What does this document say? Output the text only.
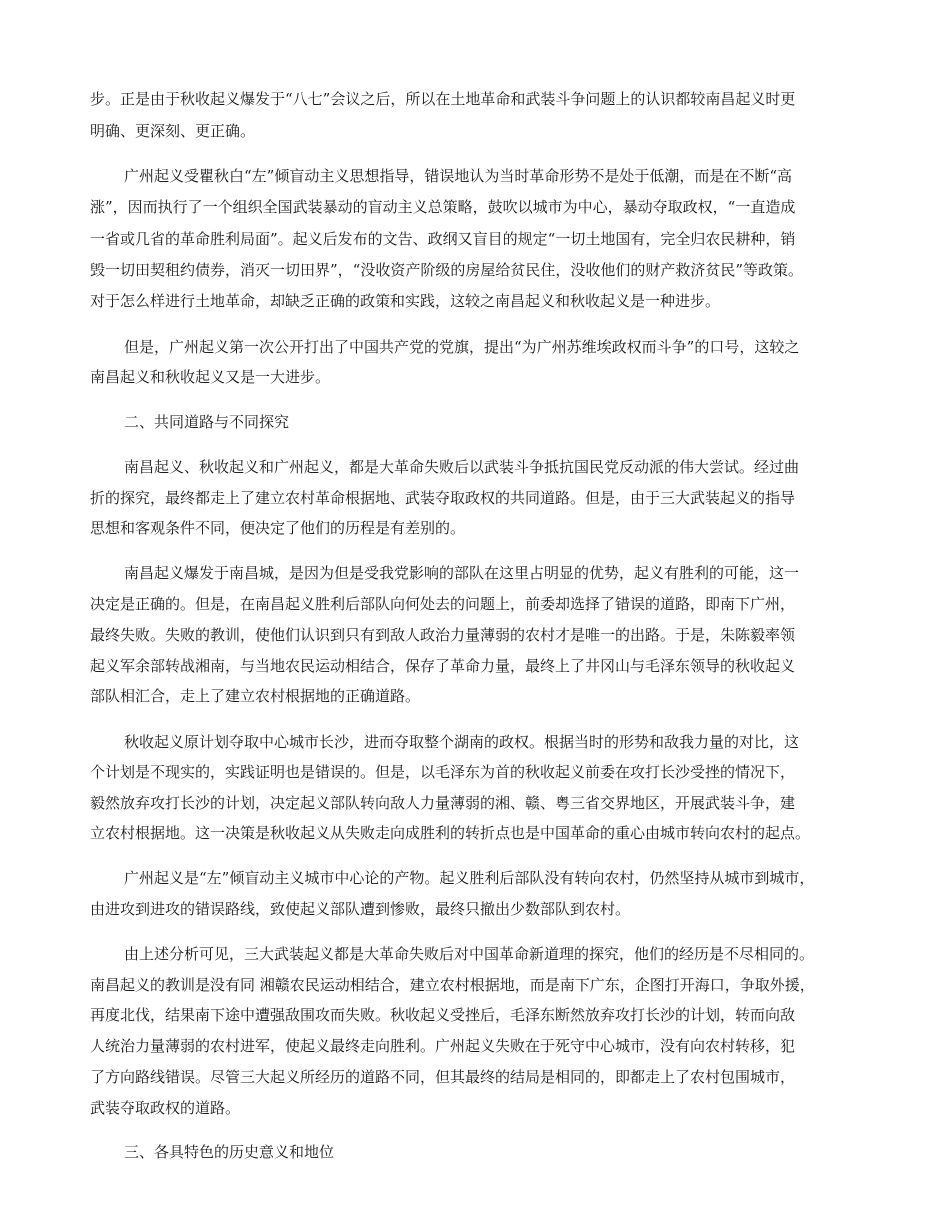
步。正是由于秋收起义爆发于“八七”会议之后，所以在土地革命和武装斗争问题上的认识都较南昌起义时更

明确、更深刻、更正确。

广州起义受瞿秋白“左”倾盲动主义思想指导，错误地认为当时革命形势不是处于低潮，而是在不断“高

涨”，因而执行了一个组织全国武装暴动的盲动主义总策略，鼓吹以城市为中心，暴动夺取政权，“一直造成

一省或几省的革命胜利局面”。起义后发布的文告、政纲又盲目的规定“一切土地国有，完全归农民耕种，销

毁一切田契租约债券，消灭一切田界”，“没收资产阶级的房屋给贫民住，没收他们的财产救济贫民”等政策。

对于怎么样进行土地革命，却缺乏正确的政策和实践，这较之南昌起义和秋收起义是一种进步。

但是，广州起义第一次公开打出了中国共产党的党旗，提出“为广州苏维埃政权而斗争”的口号，这较之

南昌起义和秋收起义又是一大进步。

二、共同道路与不同探究

南昌起义、秋收起义和广州起义，都是大革命失败后以武装斗争抵抗国民党反动派的伟大尝试。经过曲

折的探究，最终都走上了建立农村革命根据地、武装夺取政权的共同道路。但是，由于三大武装起义的指导

思想和客观条件不同，便决定了他们的历程是有差别的。

南昌起义爆发于南昌城，是因为但是受我党影响的部队在这里占明显的优势，起义有胜利的可能，这一

决定是正确的。但是，在南昌起义胜利后部队向何处去的问题上，前委却选择了错误的道路，即南下广州，

最终失败。失败的教训，使他们认识到只有到敌人政治力量薄弱的农村才是唯一的出路。于是，朱陈毅率领

起义军余部转战湘南，与当地农民运动相结合，保存了革命力量，最终上了井冈山与毛泽东领导的秋收起义

部队相汇合，走上了建立农村根据地的正确道路。

秋收起义原计划夺取中心城市长沙，进而夺取整个湖南的政权。根据当时的形势和敌我力量的对比，这

个计划是不现实的，实践证明也是错误的。但是，以毛泽东为首的秋收起义前委在攻打长沙受挫的情况下，

毅然放弃攻打长沙的计划，决定起义部队转向敌人力量薄弱的湘、赣、粤三省交界地区，开展武装斗争，建

立农村根据地。这一决策是秋收起义从失败走向成胜利的转折点也是中国革命的重心由城市转向农村的起点。

广州起义是“左”倾盲动主义城市中心论的产物。起义胜利后部队没有转向农村，仍然坚持从城市到城市，

由进攻到进攻的错误路线，致使起义部队遭到惨败，最终只撤出少数部队到农村。

由上述分析可见，三大武装起义都是大革命失败后对中国革命新道理的探究，他们的经历是不尽相同的。

南昌起义的教训是没有同 湘赣农民运动相结合，建立农村根据地，而是南下广东，企图打开海口，争取外援，

再度北伐，结果南下途中遭强敌围攻而失败。秋收起义受挫后，毛泽东断然放弃攻打长沙的计划，转而向敌

人统治力量薄弱的农村进军，使起义最终走向胜利。广州起义失败在于死守中心城市，没有向农村转移，犯

了方向路线错误。尽管三大起义所经历的道路不同，但其最终的结局是相同的，即都走上了农村包围城市，

武装夺取政权的道路。

三、各具特色的历史意义和地位
